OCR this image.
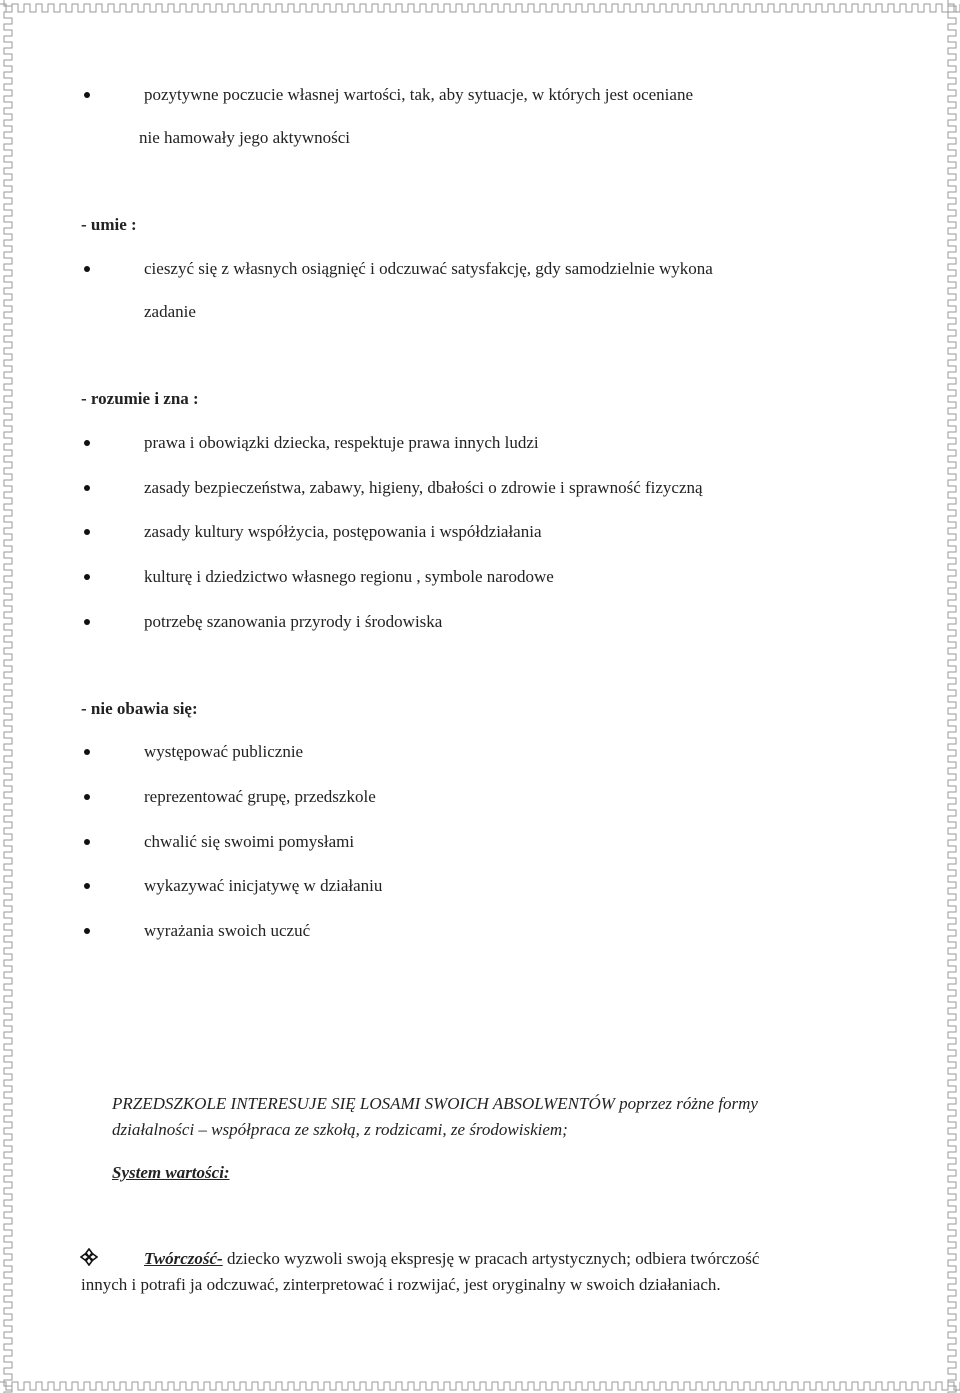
pozytywne poczucie własnej wartości, tak, aby sytuacje, w których jest oceniane
nie hamowały jego aktywności
- umie :
cieszyć się z własnych osiągnięć i odczuwać satysfakcję, gdy samodzielnie wykona
zadanie
- rozumie i zna :
prawa i obowiązki dziecka, respektuje prawa innych ludzi
zasady bezpieczeństwa, zabawy, higieny, dbałości o zdrowie i sprawność fizyczną
zasady kultury współżycia, postępowania i współdziałania
kulturę i dziedzictwo własnego regionu , symbole narodowe
potrzebę szanowania przyrody i środowiska
- nie obawia się:
występować publicznie
reprezentować grupę, przedszkole
chwalić się swoimi pomysłami
wykazywać inicjatywę w działaniu
wyrażania swoich uczuć
PRZEDSZKOLE INTERESUJE SIĘ LOSAMI SWOICH ABSOLWENTÓW poprzez różne formy
działalności – współpraca ze szkołą, z rodzicami, ze środowiskiem;
System wartości:
Twórczość- dziecko wyzwoli swoją ekspresję w pracach artystycznych; odbiera twórczość
innych i potrafi ja odczuwać, zinterpretować i rozwijać, jest oryginalny w swoich działaniach.
